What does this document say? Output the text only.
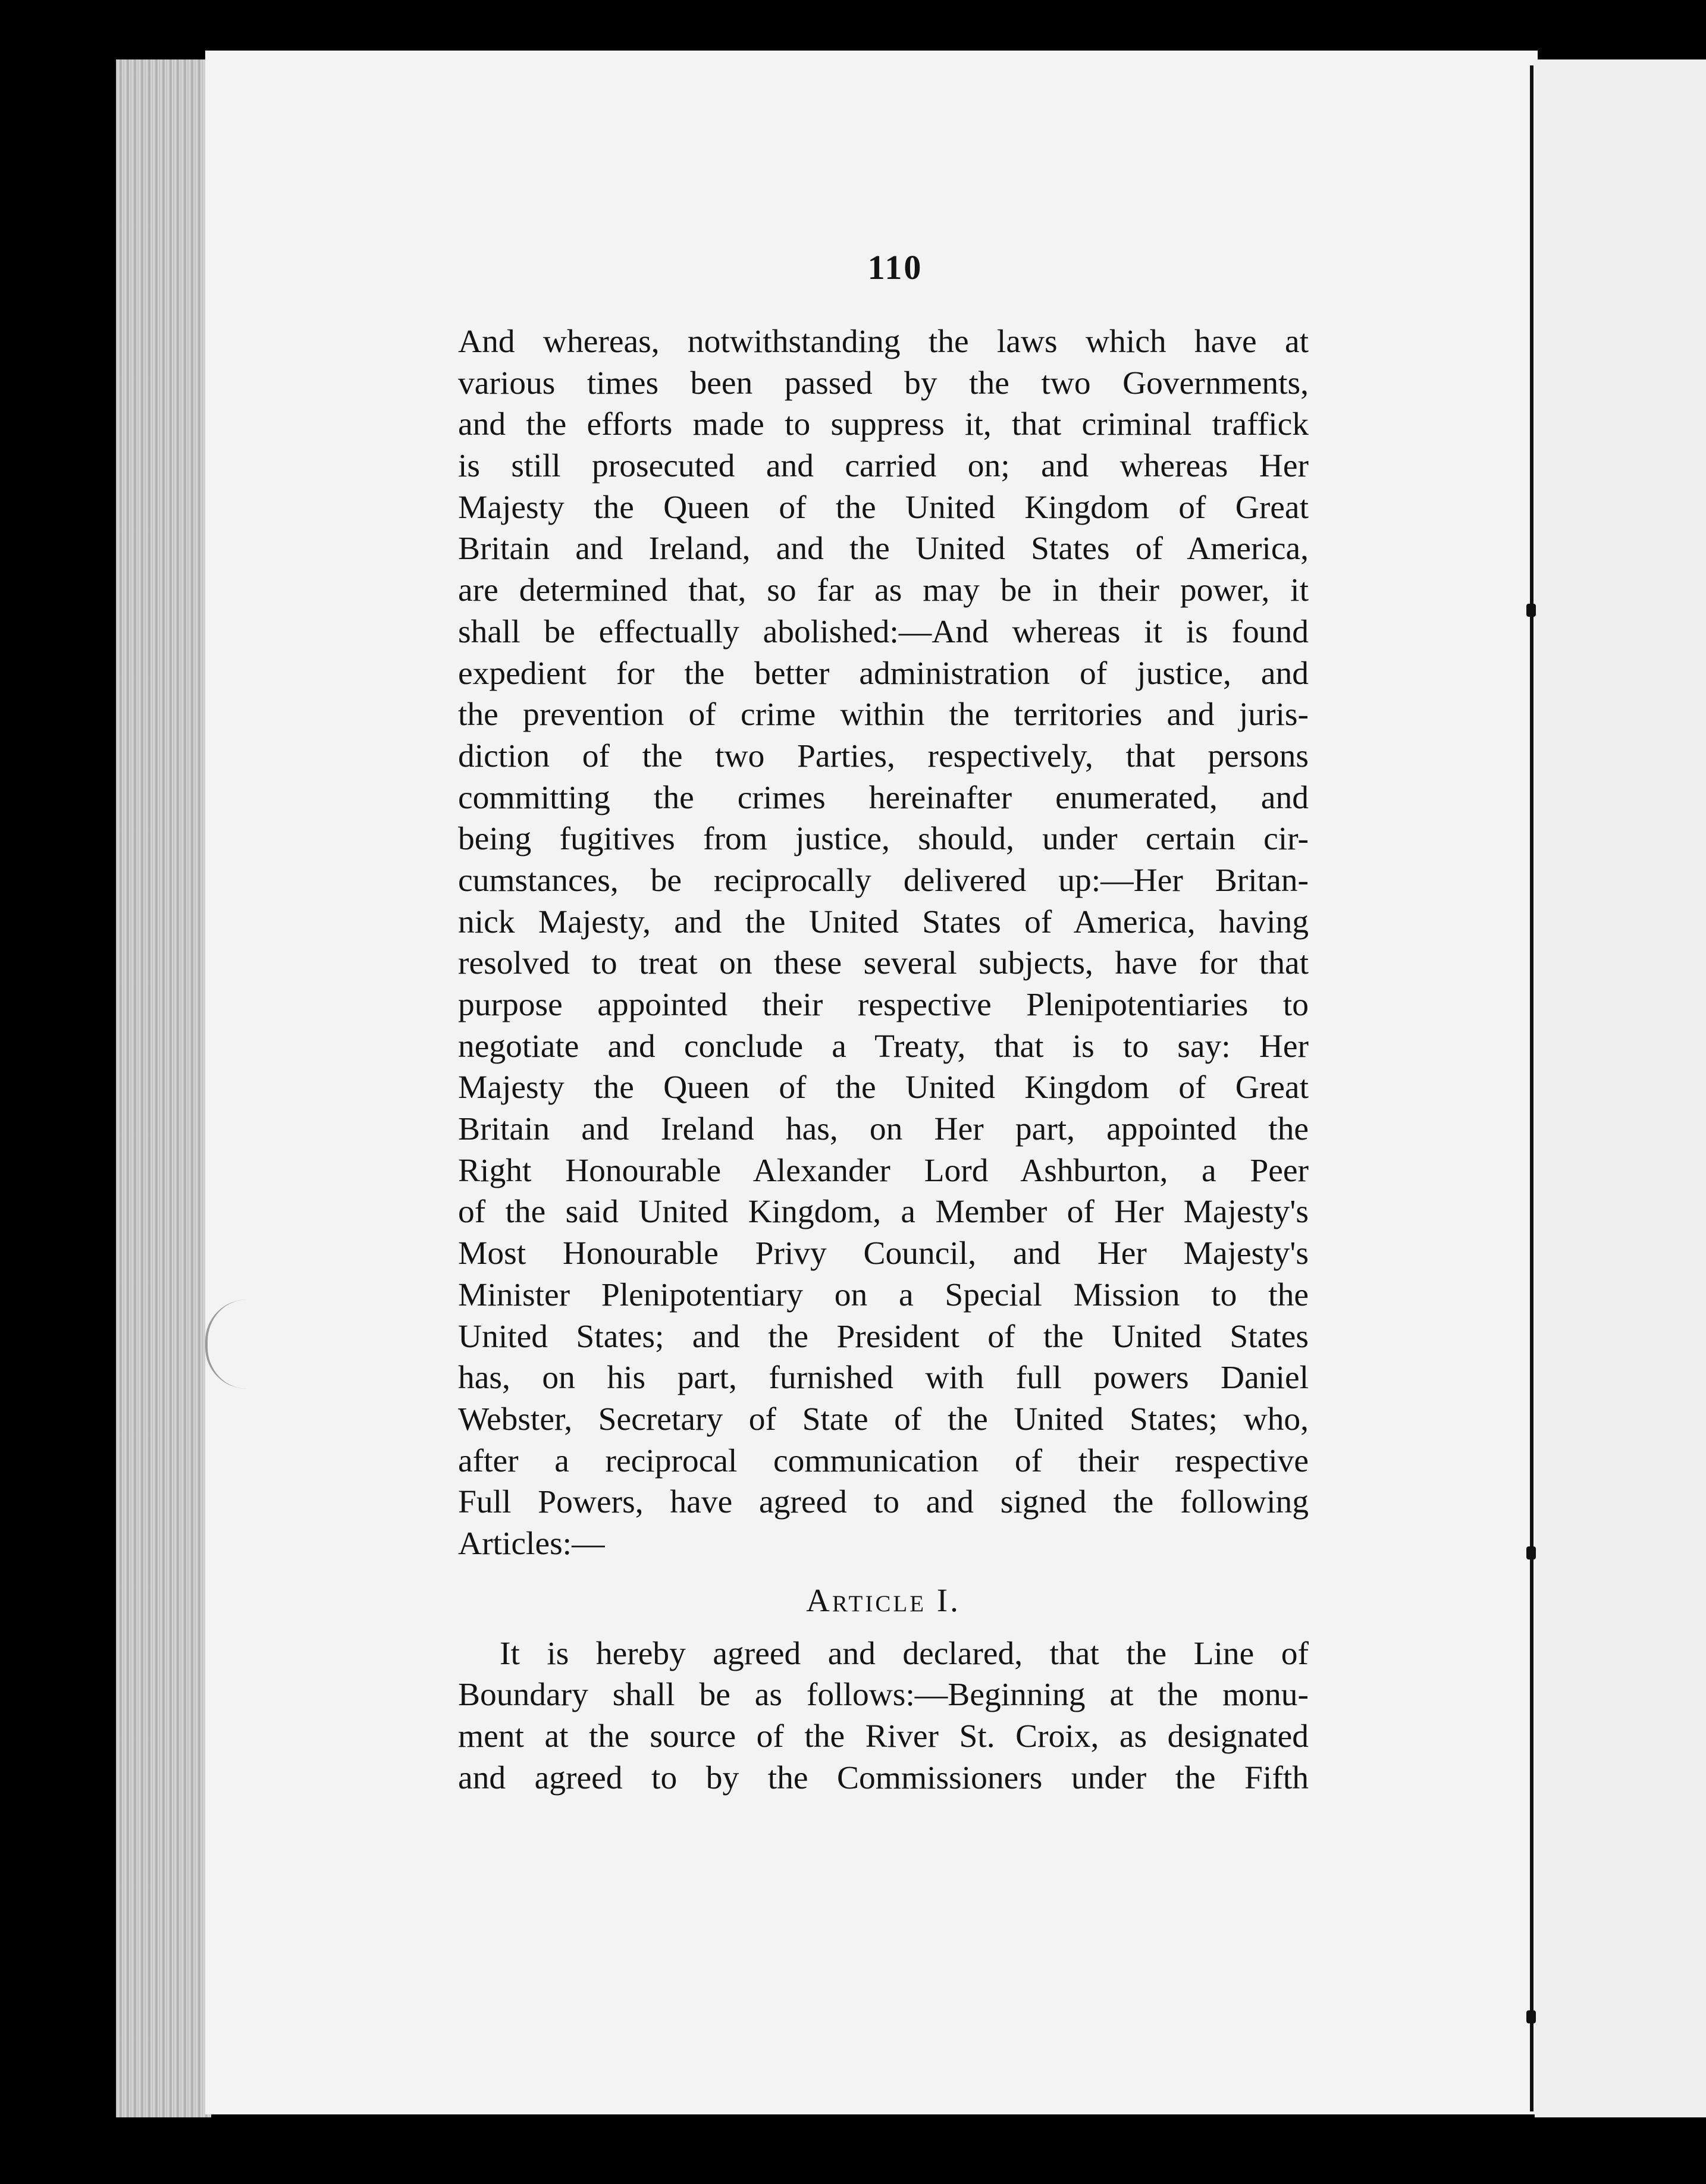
110
And whereas, notwithstanding the laws which have at
various times been passed by the two Governments,
and the efforts made to suppress it, that criminal traffick
is still prosecuted and carried on; and whereas Her
Majesty the Queen of the United Kingdom of Great
Britain and Ireland, and the United States of America,
are determined that, so far as may be in their power, it
shall be effectually abolished:—And whereas it is found
expedient for the better administration of justice, and
the prevention of crime within the territories and juris-
diction of the two Parties, respectively, that persons
committing the crimes hereinafter enumerated, and
being fugitives from justice, should, under certain cir-
cumstances, be reciprocally delivered up:—Her Britan-
nick Majesty, and the United States of America, having
resolved to treat on these several subjects, have for that
purpose appointed their respective Plenipotentiaries to
negotiate and conclude a Treaty, that is to say: Her
Majesty the Queen of the United Kingdom of Great
Britain and Ireland has, on Her part, appointed the
Right Honourable Alexander Lord Ashburton, a Peer
of the said United Kingdom, a Member of Her Majesty's
Most Honourable Privy Council, and Her Majesty's
Minister Plenipotentiary on a Special Mission to the
United States; and the President of the United States
has, on his part, furnished with full powers Daniel
Webster, Secretary of State of the United States; who,
after a reciprocal communication of their respective
Full Powers, have agreed to and signed the following
Articles:—
Article I.
It is hereby agreed and declared, that the Line of
Boundary shall be as follows:—Beginning at the monu-
ment at the source of the River St. Croix, as designated
and agreed to by the Commissioners under the Fifth
